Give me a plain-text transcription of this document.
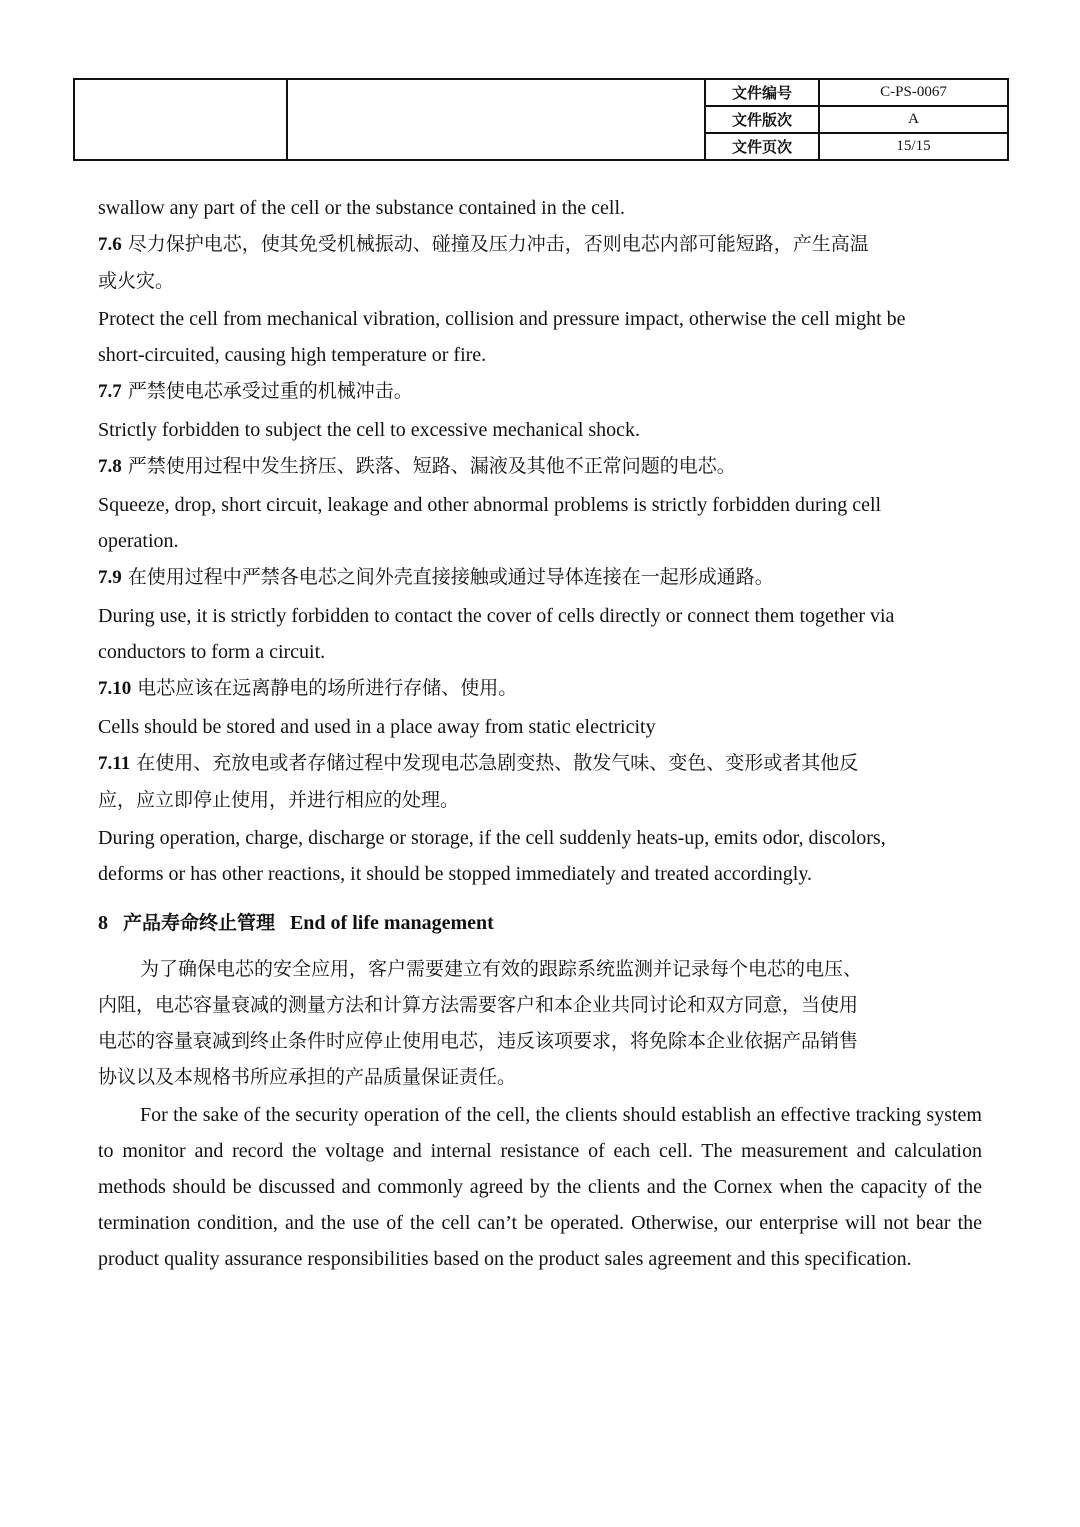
		文件编号	C-PS-0067
		文件版次	A
		文件页次	15/15

swallow any part of the cell or the substance contained in the cell.

7.6 尽力保护电芯，使其免受机械振动、碰撞及压力冲击，否则电芯内部可能短路，产生高温

或火灾。

Protect the cell from mechanical vibration, collision and pressure impact, otherwise the cell might be

short-circuited, causing high temperature or fire.

7.7 严禁使电芯承受过重的机械冲击。

Strictly forbidden to subject the cell to excessive mechanical shock.

7.8 严禁使用过程中发生挤压、跌落、短路、漏液及其他不正常问题的电芯。

Squeeze, drop, short circuit, leakage and other abnormal problems is strictly forbidden during cell

operation.

7.9 在使用过程中严禁各电芯之间外壳直接接触或通过导体连接在一起形成通路。

During use, it is strictly forbidden to contact the cover of cells directly or connect them together via

conductors to form a circuit.

7.10 电芯应该在远离静电的场所进行存储、使用。

Cells should be stored and used in a place away from static electricity

7.11 在使用、充放电或者存储过程中发现电芯急剧变热、散发气味、变色、变形或者其他反

应，应立即停止使用，并进行相应的处理。

During operation, charge, discharge or storage, if the cell suddenly heats-up, emits odor, discolors,

deforms or has other reactions, it should be stopped immediately and treated accordingly.

8 产品寿命终止管理 End of life management

为了确保电芯的安全应用，客户需要建立有效的跟踪系统监测并记录每个电芯的电压、

内阻，电芯容量衰减的测量方法和计算方法需要客户和本企业共同讨论和双方同意，当使用

电芯的容量衰减到终止条件时应停止使用电芯，违反该项要求，将免除本企业依据产品销售

协议以及本规格书所应承担的产品质量保证责任。

For the sake of the security operation of the cell, the clients should establish an effective tracking system to monitor and record the voltage and internal resistance of each cell. The measurement and calculation methods should be discussed and commonly agreed by the clients and the Cornex when the capacity of the termination condition, and the use of the cell can’t be operated. Otherwise, our enterprise will not bear the product quality assurance responsibilities based on the product sales agreement and this specification.
